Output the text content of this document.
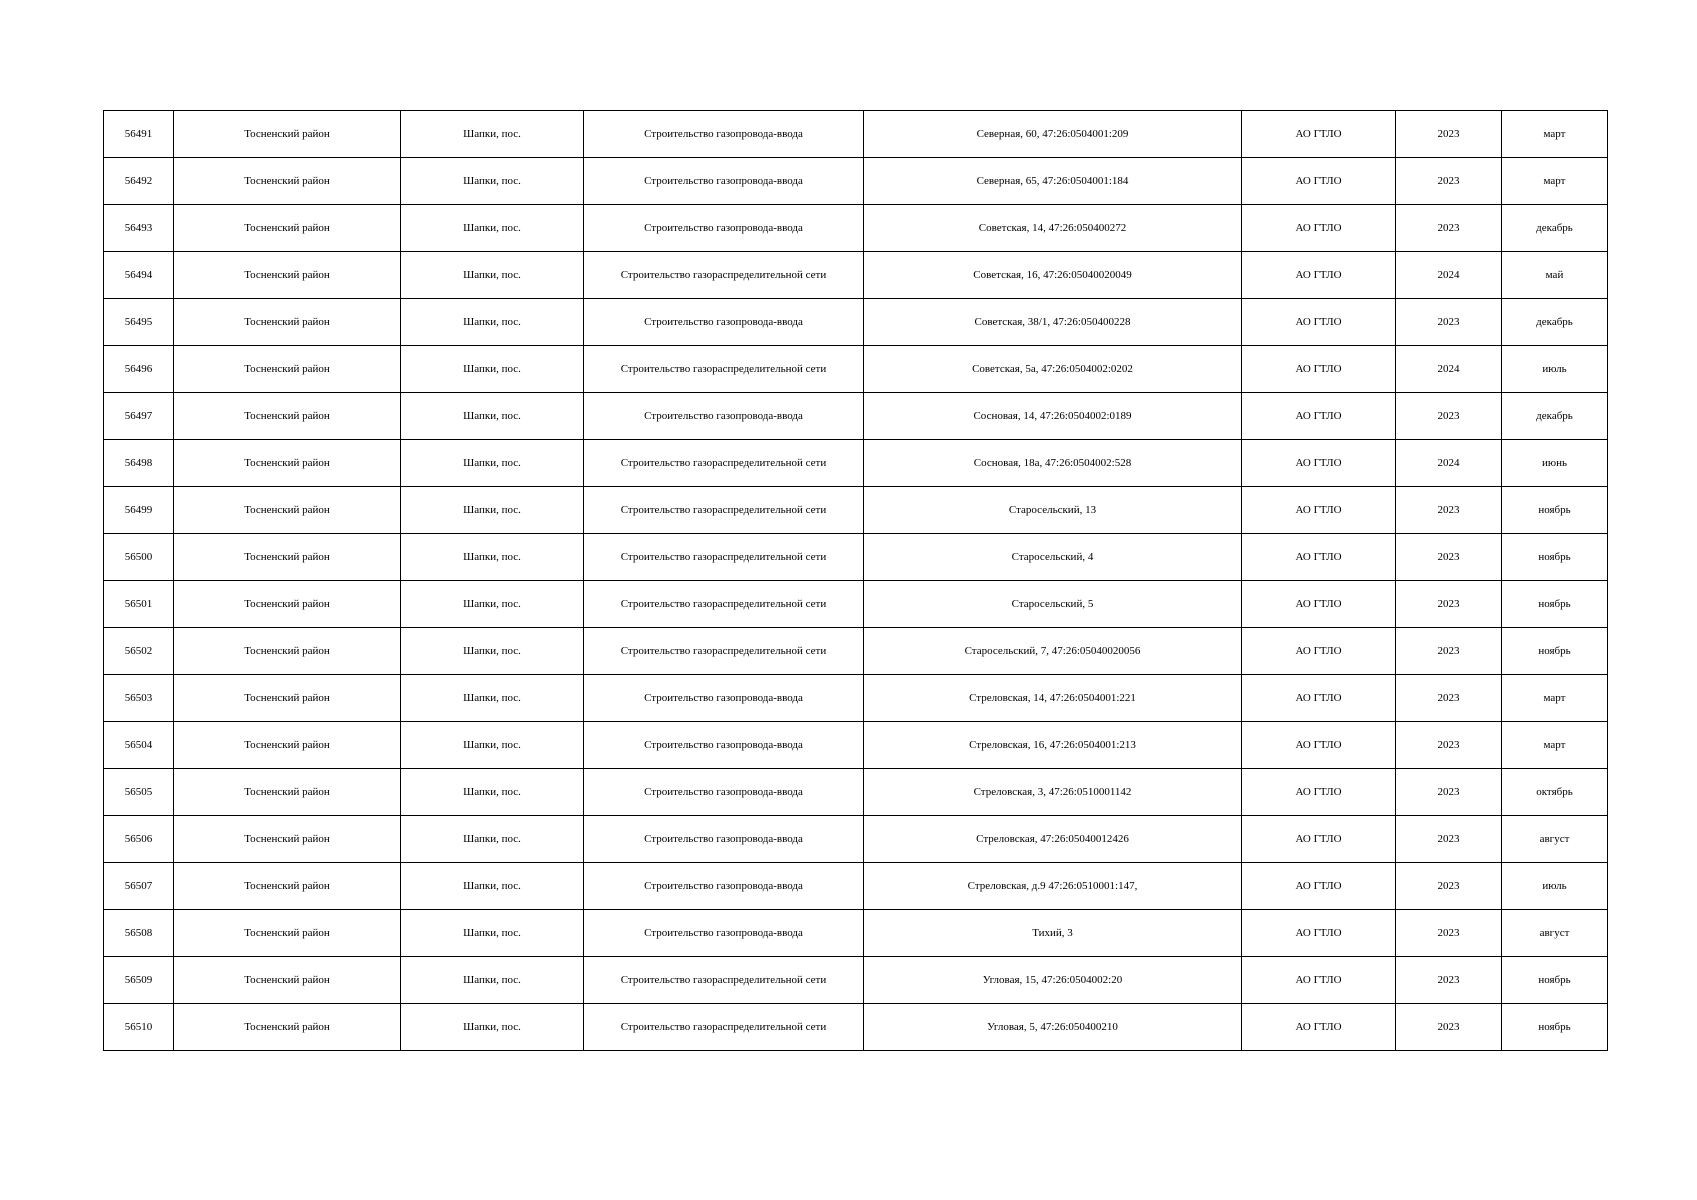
56491	Тосненский район	Шапки, пос.	Строительство газопровода-ввода	Северная, 60, 47:26:0504001:209	АО ГТЛО	2023	март
56492	Тосненский район	Шапки, пос.	Строительство газопровода-ввода	Северная, 65, 47:26:0504001:184	АО ГТЛО	2023	март
56493	Тосненский район	Шапки, пос.	Строительство газопровода-ввода	Советская, 14, 47:26:050400272	АО ГТЛО	2023	декабрь
56494	Тосненский район	Шапки, пос.	Строительство газораспределительной сети	Советская, 16, 47:26:05040020049	АО ГТЛО	2024	май
56495	Тосненский район	Шапки, пос.	Строительство газопровода-ввода	Советская, 38/1, 47:26:050400228	АО ГТЛО	2023	декабрь
56496	Тосненский район	Шапки, пос.	Строительство газораспределительной сети	Советская, 5а, 47:26:0504002:0202	АО ГТЛО	2024	июль
56497	Тосненский район	Шапки, пос.	Строительство газопровода-ввода	Сосновая, 14, 47:26:0504002:0189	АО ГТЛО	2023	декабрь
56498	Тосненский район	Шапки, пос.	Строительство газораспределительной сети	Сосновая, 18а, 47:26:0504002:528	АО ГТЛО	2024	июнь
56499	Тосненский район	Шапки, пос.	Строительство газораспределительной сети	Старосельский, 13	АО ГТЛО	2023	ноябрь
56500	Тосненский район	Шапки, пос.	Строительство газораспределительной сети	Старосельский, 4	АО ГТЛО	2023	ноябрь
56501	Тосненский район	Шапки, пос.	Строительство газораспределительной сети	Старосельский, 5	АО ГТЛО	2023	ноябрь
56502	Тосненский район	Шапки, пос.	Строительство газораспределительной сети	Старосельский, 7, 47:26:05040020056	АО ГТЛО	2023	ноябрь
56503	Тосненский район	Шапки, пос.	Строительство газопровода-ввода	Стреловская, 14, 47:26:0504001:221	АО ГТЛО	2023	март
56504	Тосненский район	Шапки, пос.	Строительство газопровода-ввода	Стреловская, 16, 47:26:0504001:213	АО ГТЛО	2023	март
56505	Тосненский район	Шапки, пос.	Строительство газопровода-ввода	Стреловская, 3, 47:26:0510001142	АО ГТЛО	2023	октябрь
56506	Тосненский район	Шапки, пос.	Строительство газопровода-ввода	Стреловская, 47:26:05040012426	АО ГТЛО	2023	август
56507	Тосненский район	Шапки, пос.	Строительство газопровода-ввода	Стреловская, д.9 47:26:0510001:147,	АО ГТЛО	2023	июль
56508	Тосненский район	Шапки, пос.	Строительство газопровода-ввода	Тихий, 3	АО ГТЛО	2023	август
56509	Тосненский район	Шапки, пос.	Строительство газораспределительной сети	Угловая, 15, 47:26:0504002:20	АО ГТЛО	2023	ноябрь
56510	Тосненский район	Шапки, пос.	Строительство газораспределительной сети	Угловая, 5, 47:26:050400210	АО ГТЛО	2023	ноябрь
